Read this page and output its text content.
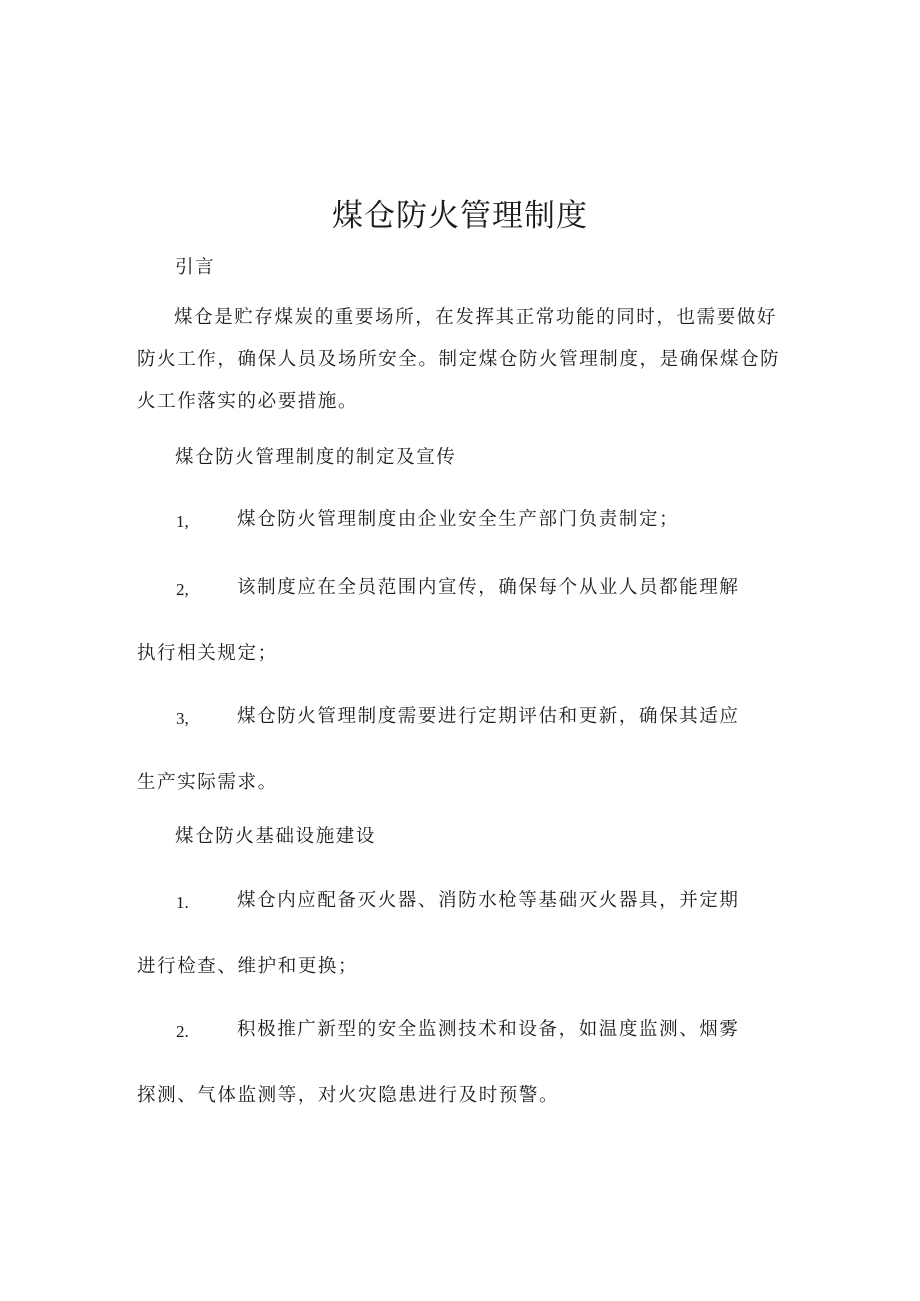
煤仓防火管理制度
引言

煤仓是贮存煤炭的重要场所，在发挥其正常功能的同时，也需要做好防火工作，确保人员及场所安全。制定煤仓防火管理制度，是确保煤仓防火工作落实的必要措施。

煤仓防火管理制度的制定及宣传
1,	煤仓防火管理制度由企业安全生产部门负责制定；
2,	该制度应在全员范围内宣传，确保每个从业人员都能理解
执行相关规定；
3,	煤仓防火管理制度需要进行定期评估和更新，确保其适应
生产实际需求。
煤仓防火基础设施建设
1.	煤仓内应配备灭火器、消防水枪等基础灭火器具，并定期
进行检查、维护和更换；
2.	积极推广新型的安全监测技术和设备，如温度监测、烟雾
探测、气体监测等，对火灾隐患进行及时预警。
